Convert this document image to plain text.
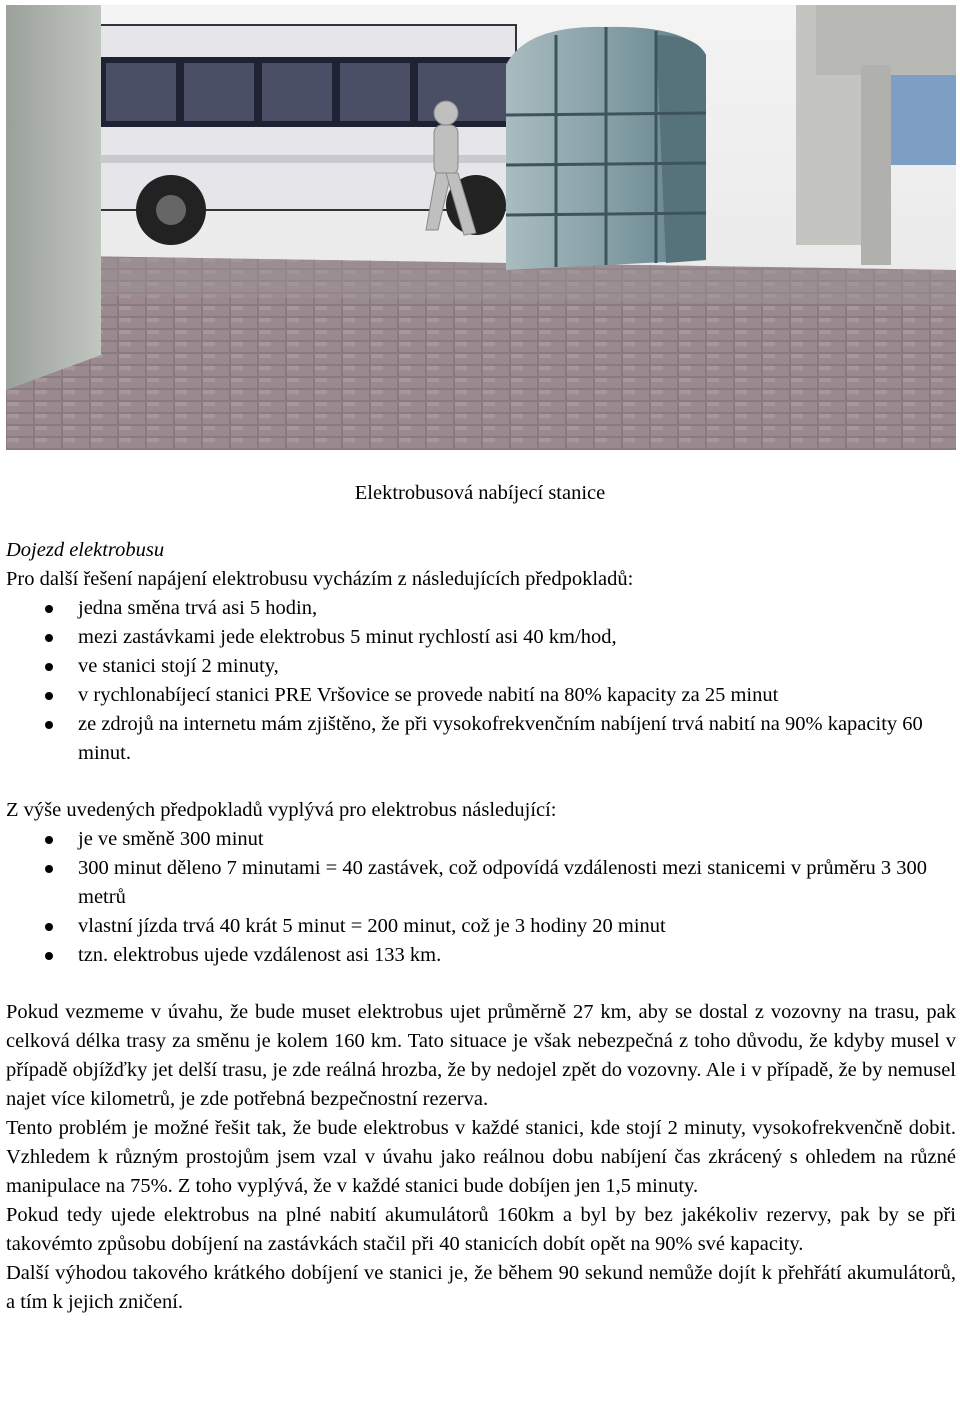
Elektrobusová nabíjecí stanice

Dojezd elektrobusu

Pro další řešení napájení elektrobusu vycházím z následujících předpokladů:

jedna směna trvá asi 5 hodin,
mezi zastávkami jede elektrobus 5 minut rychlostí asi 40 km/hod,
ve stanici stojí 2 minuty,
v rychlonabíjecí stanici PRE Vršovice se provede nabití na 80% kapacity za 25 minut
ze zdrojů na internetu mám zjištěno, že při vysokofrekvenčním nabíjení trvá nabití na 90% kapacity 60 minut.

Z výše uvedených předpokladů vyplývá pro elektrobus následující:

je ve směně 300 minut
300 minut děleno 7 minutami = 40 zastávek, což odpovídá vzdálenosti mezi stanicemi v průměru 3 300 metrů
vlastní jízda trvá 40 krát 5 minut = 200 minut, což je 3 hodiny 20 minut
tzn. elektrobus ujede vzdálenost asi 133 km.

Pokud vezmeme v úvahu, že bude muset elektrobus ujet průměrně 27 km, aby se dostal z vozovny na trasu, pak celková délka trasy za směnu je kolem 160 km. Tato situace je však nebezpečná z toho důvodu, že kdyby musel v případě objížďky jet delší trasu, je zde reálná hrozba, že by nedojel zpět do vozovny. Ale i v případě, že by nemusel najet více kilometrů, je zde potřebná bezpečnostní rezerva.

Tento problém je možné řešit tak, že bude elektrobus v každé stanici, kde stojí 2 minuty, vysokofrekvenčně dobit. Vzhledem k různým prostojům jsem vzal v úvahu jako reálnou dobu nabíjení čas zkrácený s ohledem na různé manipulace na 75%. Z toho vyplývá, že v každé stanici bude dobíjen jen 1,5 minuty.

Pokud tedy ujede elektrobus na plné nabití akumulátorů 160km a byl by bez jakékoliv rezervy, pak by se při takovémto způsobu dobíjení na zastávkách stačil při 40 stanicích dobít opět na 90% své kapacity.

Další výhodou takového krátkého dobíjení ve stanici je, že během 90 sekund nemůže dojít k přehřátí akumulátorů, a tím k jejich zničení.
